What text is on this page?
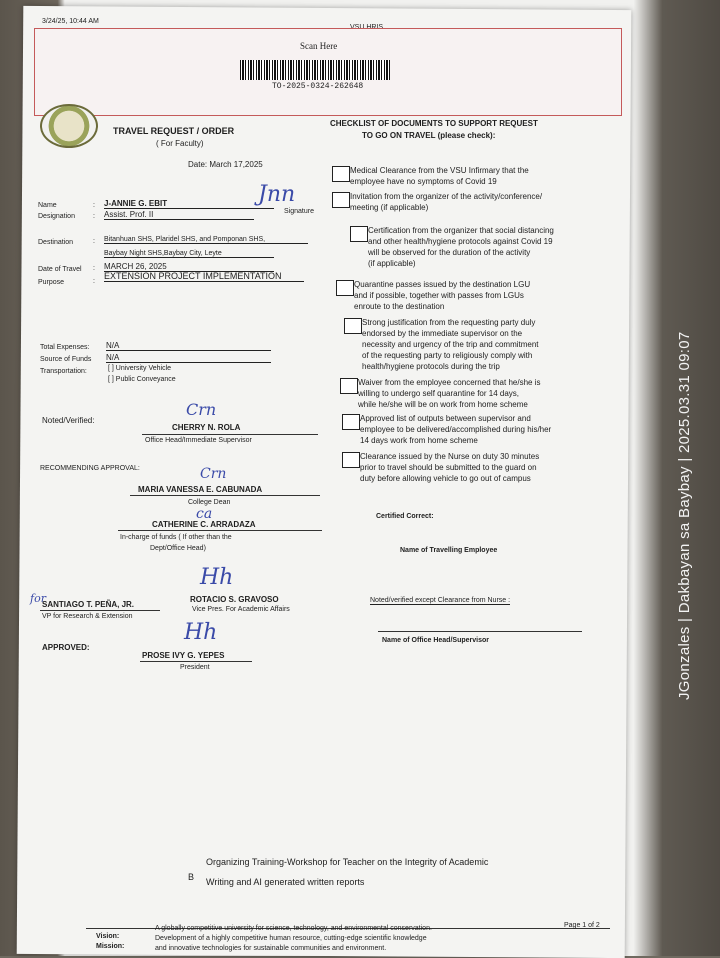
3/24/25, 10:44 AM
Scan Here
TO-2025-0324-262648
TRAVEL REQUEST / ORDER
( For Faculty)
Date: March 17,2025
Name	: J-ANNIE G. EBIT
Designation	: Assist. Prof. II
Jnn
Signature
Destination	: Bitanhuan SHS, Plaridel SHS, and Pomponan SHS,
Baybay Night SHS,Baybay City, Leyte
Date of Travel : MARCH 26, 2025
Purpose	:
EXTENSION PROJECT IMPLEMENTATION
Total Expenses: N/A
Source of Funds N/A
Transportation:	[ ] University Vehicle
[ ] Public Conveyance
Noted/Verified:
Crn
CHERRY N. ROLA
Office Head/Immediate Supervisor
RECOMMENDING APPROVAL:	Crn
MARIA VANESSA E. CABUNADA
College Dean
ca
CATHERINE C. ARRADAZA
In-charge of funds ( If other than the
Dept/Office Head)
Hh
for
SANTIAGO T. PEÑA, JR.
VP for Research & Extension
ROTACIO S. GRAVOSO
Vice Pres. For Academic Affairs
APPROVED:
Hh
PROSE IVY G. YEPES
President
CHECKLIST OF DOCUMENTS TO SUPPORT REQUEST
TO GO ON TRAVEL (please check):
Medical Clearance from the VSU Infirmary that the
employee have no symptoms of Covid 19
Invitation from the organizer of the activity/conference/
meeting (if applicable)
Certification from the organizer that social distancing
and other health/hygiene protocols against Covid 19
will be observed for the duration of the activity
(if applicable)
Quarantine passes issued by the destination LGU
and if possible, together with passes from LGUs
enroute to the destination
Strong justification from the requesting party duly
endorsed by the immediate supervisor on the
necessity and urgency of the trip and commitment
of the requesting party to religiously comply with
health/hygiene protocols during the trip
Waiver from the employee concerned that he/she is
willing to undergo self quarantine for 14 days,
while he/she will be on work from home scheme
Approved list of outputs between supervisor and
employee to be delivered/accomplished during his/her
14 days work from home scheme
Clearance issued by the Nurse on duty 30 minutes
prior to travel should be submitted to the guard on
duty before allowing vehicle to go out of campus
Certified Correct:
Name of Travelling Employee
Noted/verified except Clearance from Nurse :
Name of Office Head/Supervisor
B
Organizing Training-Workshop for Teacher on the Integrity of Academic
Writing and AI generated written reports
Vision:
A globally competitive university for science, technology, and environmental conservation.
Mission:
Development of a highly competitive human resource, cutting-edge scientific knowledge
and innovative technologies for sustainable communities and environment.
Page 1 of 2
JGonzales | Dakbayan sa Baybay | 2025.03.31 09:07
